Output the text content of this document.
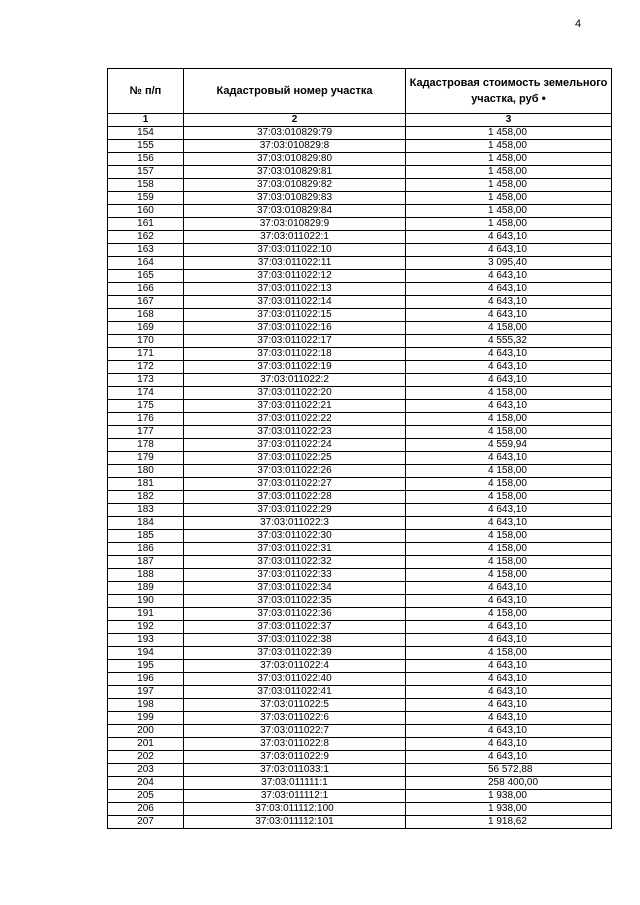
4
№ п/п	Кадастровый номер участка	Кадастровая стоимость земельного участка, руб •
1	2	3
154	37:03:010829:79	1 458,00
155	37:03:010829:8	1 458,00
156	37:03:010829:80	1 458,00
157	37:03:010829:81	1 458,00
158	37:03:010829:82	1 458,00
159	37:03:010829:83	1 458,00
160	37:03:010829:84	1 458,00
161	37:03:010829:9	1 458,00
162	37:03:011022:1	4 643,10
163	37:03:011022:10	4 643,10
164	37:03:011022:11	3 095,40
165	37:03:011022:12	4 643,10
166	37:03:011022:13	4 643,10
167	37:03:011022:14	4 643,10
168	37:03:011022:15	4 643,10
169	37:03:011022:16	4 158,00
170	37:03:011022:17	4 555,32
171	37:03:011022:18	4 643,10
172	37:03:011022:19	4 643,10
173	37:03:011022:2	4 643,10
174	37:03:011022:20	4 158,00
175	37:03:011022:21	4 643,10
176	37:03:011022:22	4 158,00
177	37:03:011022:23	4 158,00
178	37:03:011022:24	4 559,94
179	37:03:011022:25	4 643,10
180	37:03:011022:26	4 158,00
181	37:03:011022:27	4 158,00
182	37:03:011022:28	4 158,00
183	37:03:011022:29	4 643,10
184	37:03:011022:3	4 643,10
185	37:03:011022:30	4 158,00
186	37:03:011022:31	4 158,00
187	37:03:011022:32	4 158,00
188	37:03:011022:33	4 158,00
189	37:03:011022:34	4 643,10
190	37:03:011022:35	4 643,10
191	37:03:011022:36	4 158,00
192	37:03:011022:37	4 643,10
193	37:03:011022:38	4 643,10
194	37:03:011022:39	4 158,00
195	37:03:011022:4	4 643,10
196	37:03:011022:40	4 643,10
197	37:03:011022:41	4 643,10
198	37:03:011022:5	4 643,10
199	37:03:011022:6	4 643,10
200	37:03:011022:7	4 643,10
201	37:03:011022:8	4 643,10
202	37:03:011022:9	4 643,10
203	37:03:011033:1	56 572,88
204	37:03:011111:1	258 400,00
205	37:03:011112:1	1 938,00
206	37:03:011112:100	1 938,00
207	37:03:011112:101	1 918,62
